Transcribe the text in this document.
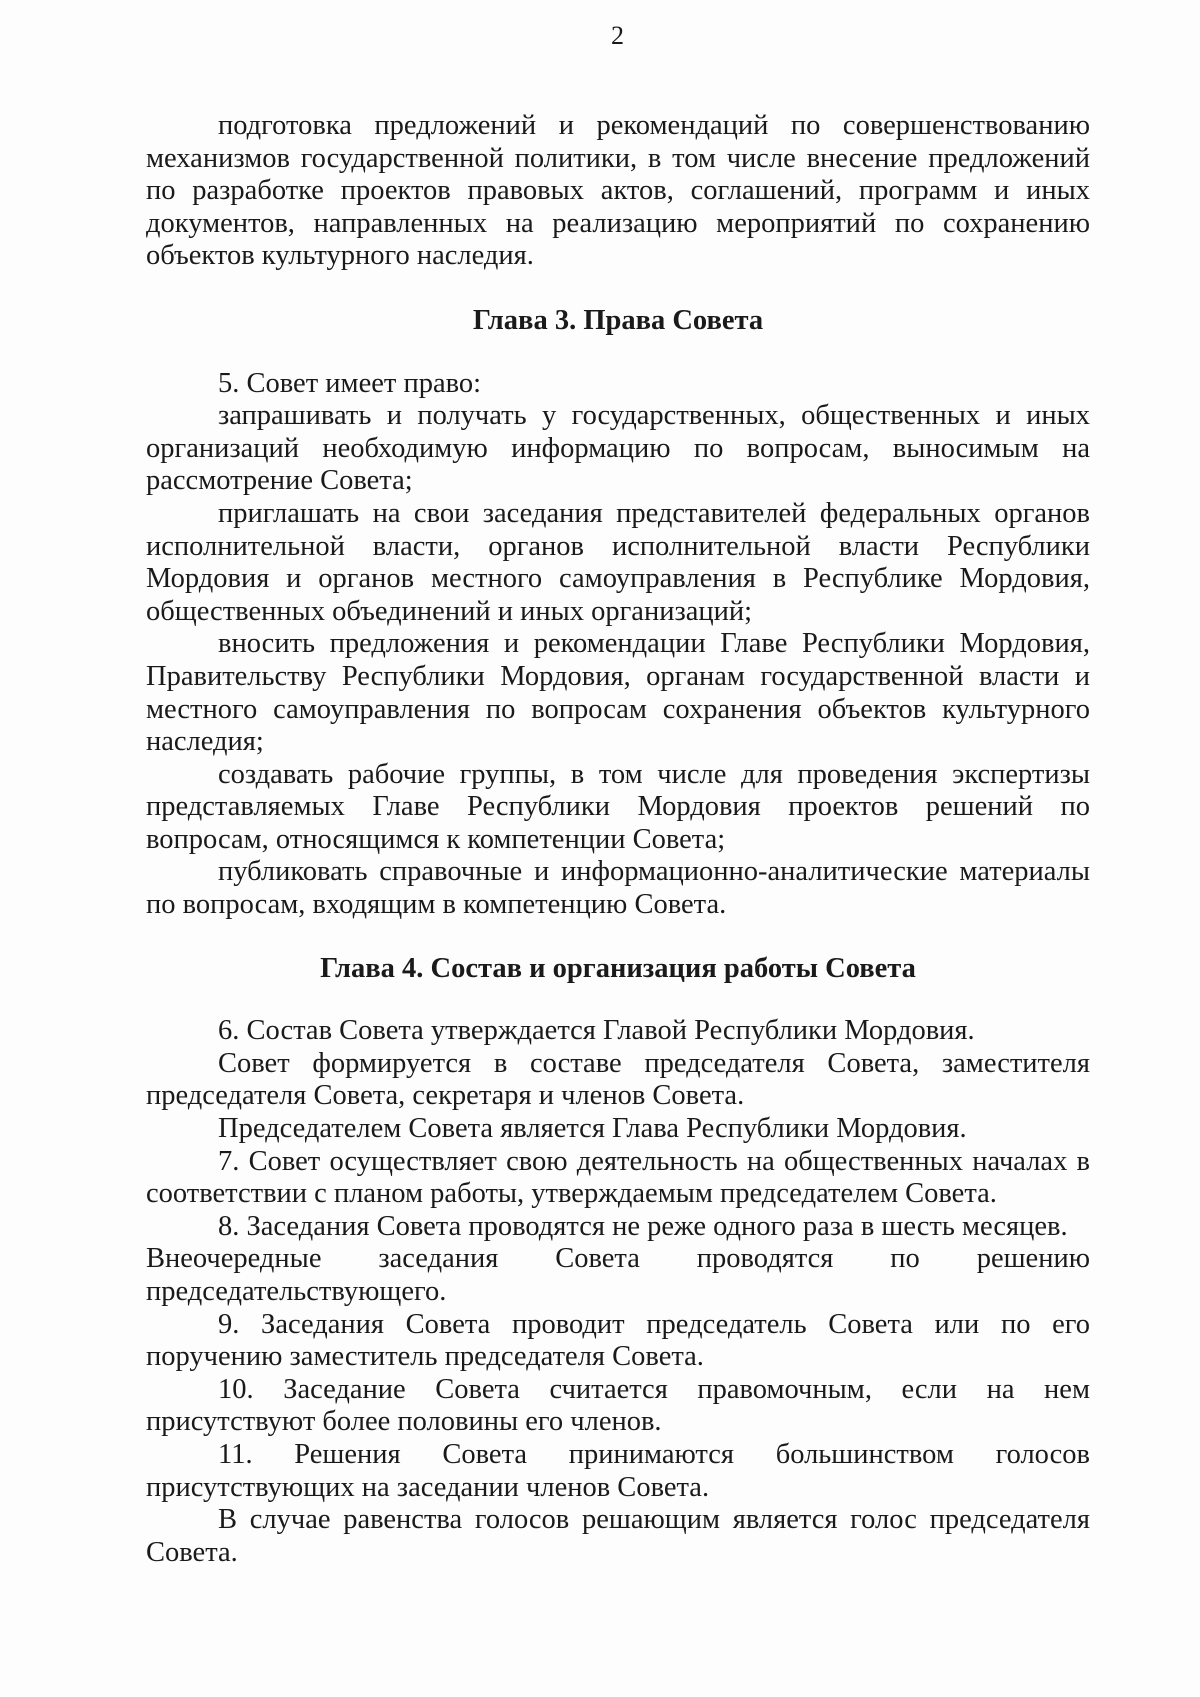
2

подготовка предложений и рекомендаций по совершенствованию механизмов государственной политики, в том числе внесение предложений по разработке проектов правовых актов, соглашений, программ и иных документов, направленных на реализацию мероприятий по сохранению объектов культурного наследия.

Глава 3. Права Совета

5. Совет имеет право:

запрашивать и получать у государственных, общественных и иных организаций необходимую информацию по вопросам, выносимым на рассмотрение Совета;

приглашать на свои заседания представителей федеральных органов исполнительной власти, органов исполнительной власти Республики Мордовия и органов местного самоуправления в Республике Мордовия, общественных объединений и иных организаций;

вносить предложения и рекомендации Главе Республики Мордовия, Правительству Республики Мордовия, органам государственной власти и местного самоуправления по вопросам сохранения объектов культурного наследия;

создавать рабочие группы, в том числе для проведения экспертизы представляемых Главе Республики Мордовия проектов решений по вопросам, относящимся к компетенции Совета;

публиковать справочные и информационно-аналитические материалы по вопросам, входящим в компетенцию Совета.

Глава 4. Состав и организация работы Совета

6. Состав Совета утверждается Главой Республики Мордовия.

Совет формируется в составе председателя Совета, заместителя председателя Совета, секретаря и членов Совета.

Председателем Совета является Глава Республики Мордовия.

7. Совет осуществляет свою деятельность на общественных началах в соответствии с планом работы, утверждаемым председателем Совета.

8. Заседания Совета проводятся не реже одного раза в шесть месяцев.

Внеочередные заседания Совета проводятся по решению председательствующего.

9. Заседания Совета проводит председатель Совета или по его поручению заместитель председателя Совета.

10. Заседание Совета считается правомочным, если на нем присутствуют более половины его членов.

11. Решения Совета принимаются большинством голосов присутствующих на заседании членов Совета.

В случае равенства голосов решающим является голос председателя Совета.
